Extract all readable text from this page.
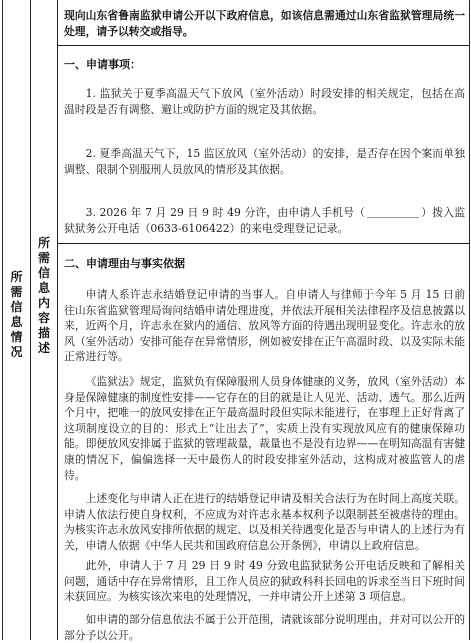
所
需
信
息
情
况
所
需
信
息
内
容
描
述
现向山东省鲁南监狱申请公开以下政府信息，如该信息需通过山东省监狱管理局统一处理，请予以转交或指导。
一、申请事项：
1. 监狱关于夏季高温天气下放风（室外活动）时段安排的相关规定，包括在高温时段是否有调整、避让或防护方面的规定及其依据。
2. 夏季高温天气下，15 监区放风（室外活动）的安排，是否存在因个案而单独调整、限制个别服刑人员放风的情形及其依据。
3. 2026 年 7 月 29 日 9 时 49 分许，由申请人手机号（	）拨入监狱狱务公开电话（0633-6106422）的来电受理登记记录。
二、申请理由与事实依据
申请人系许志永结婚登记申请的当事人。自申请人与律师于今年 5 月 15 日前往山东省监狱管理局询问结婚申请处理进度，并依法开展相关法律程序及信息披露以来，近两个月，许志永在狱内的通信、放风等方面的待遇出现明显变化。许志永的放风（室外活动）安排可能存在异常情形，例如被安排在正午高温时段、以及实际未能正常进行等。
《监狱法》规定，监狱负有保障服刑人员身体健康的义务，放风（室外活动）本身是保障健康的制度性安排——它存在的目的就是让人见光、活动、透气。那么近两个月中，把唯一的放风安排在正午最高温时段但实际未能进行，在事理上正好背离了这项制度设立的目的：形式上“让出去了”，实质上没有实现放风应有的健康保障功能。即便放风安排属于监狱的管理裁量，裁量也不是没有边界——在明知高温有害健康的情况下，偏偏选择一天中最伤人的时段安排室外活动，这构成对被监管人的虐待。
上述变化与申请人正在进行的结婚登记申请及相关合法行为在时间上高度关联。申请人依法行使自身权利，不应成为对许志永基本权利予以限制甚至被虐待的理由。为核实许志永放风安排所依据的规定、以及相关待遇变化是否与申请人的上述行为有关，申请人依据《中华人民共和国政府信息公开条例》，申请以上政府信息。
此外，申请人于 7 月 29 日 9 时 49 分致电监狱狱务公开电话反映和了解相关问题，通话中存在异常情形，且工作人员应的狱政科科长回电的诉求至当日下班时间未获回应。为核实该次来电的处理情况，一并申请公开上述第 3 项信息。
如申请的部分信息依法不属于公开范围，请就该部分说明理由，并对可以公开的部分予以公开。
